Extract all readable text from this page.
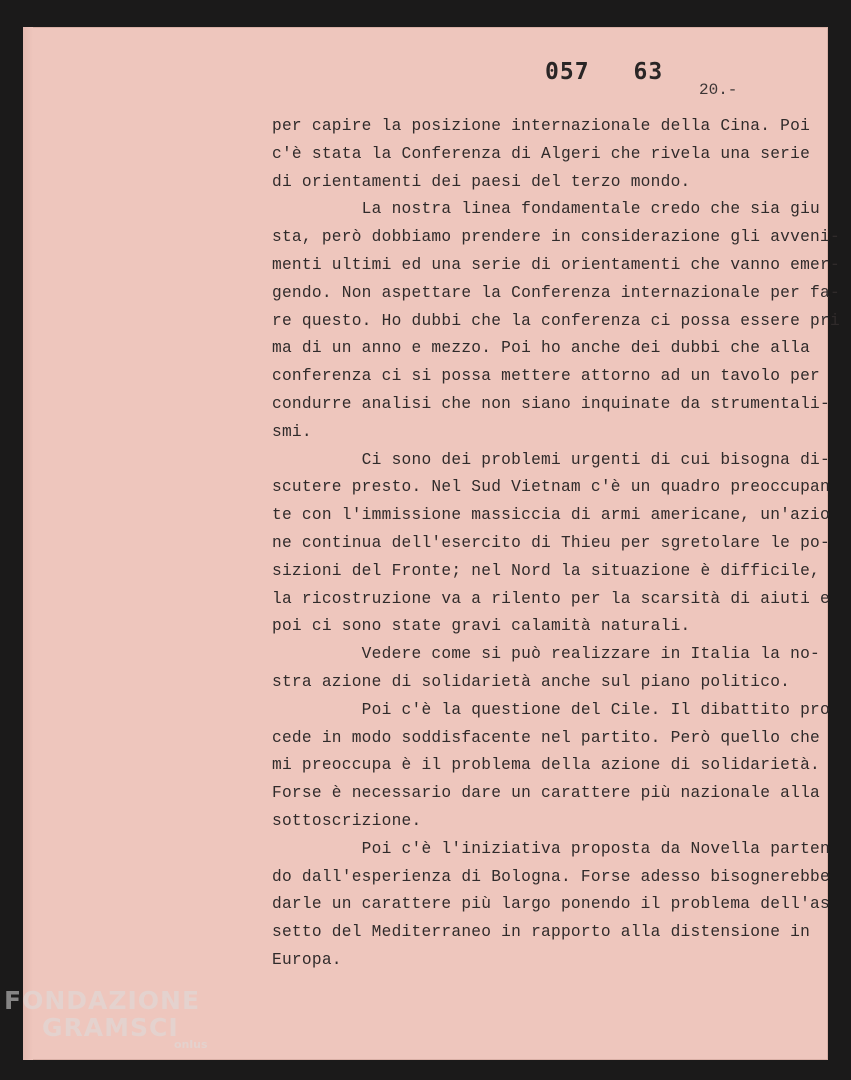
057 63
20.-
per capire la posizione internazionale della Cina. Poi
c'è stata la Conferenza di Algeri che rivela una serie
di orientamenti dei paesi del terzo mondo.
La nostra linea fondamentale credo che sia giu
sta, però dobbiamo prendere in considerazione gli avveni-
menti ultimi ed una serie di orientamenti che vanno emer-
gendo. Non aspettare la Conferenza internazionale per fa-
re questo. Ho dubbi che la conferenza ci possa essere pri
ma di un anno e mezzo. Poi ho anche dei dubbi che alla
conferenza ci si possa mettere attorno ad un tavolo per
condurre analisi che non siano inquinate da strumentali-
smi.
Ci sono dei problemi urgenti di cui bisogna di-
scutere presto. Nel Sud Vietnam c'è un quadro preoccupan
te con l'immissione massiccia di armi americane, un'azio
ne continua dell'esercito di Thieu per sgretolare le po-
sizioni del Fronte; nel Nord la situazione è difficile,
la ricostruzione va a rilento per la scarsità di aiuti e
poi ci sono state gravi calamità naturali.
Vedere come si può realizzare in Italia la no-
stra azione di solidarietà anche sul piano politico.
Poi c'è la questione del Cile. Il dibattito pro
cede in modo soddisfacente nel partito. Però quello che
mi preoccupa è il problema della azione di solidarietà.
Forse è necessario dare un carattere più nazionale alla
sottoscrizione.
Poi c'è l'iniziativa proposta da Novella parten
do dall'esperienza di Bologna. Forse adesso bisognerebbe
darle un carattere più largo ponendo il problema dell'as
setto del Mediterraneo in rapporto alla distensione in
Europa.
FONDAZIONE
GRAMSCI
onlus
